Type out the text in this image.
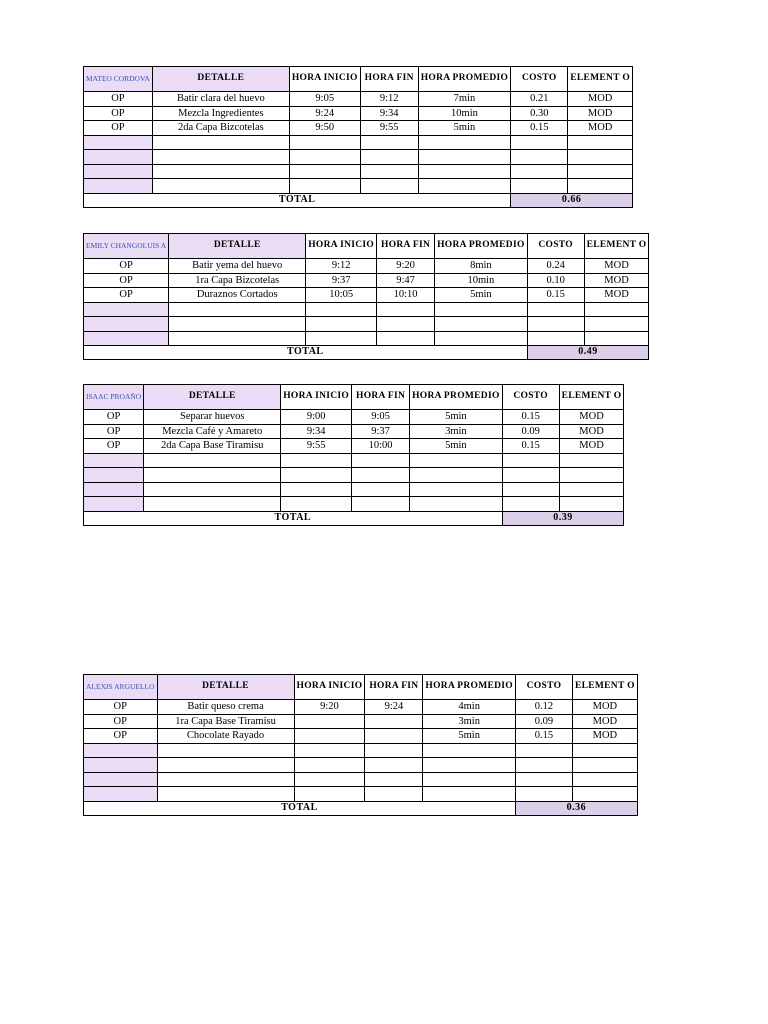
MATEO CORDOVA	DETALLE	HORA INICIO	HORA FIN	HORA PROMEDIO	COSTO	ELEMENT O
OP	Batir clara del huevo	9:05	9:12	7min	0.21	MOD
OP	Mezcla Ingredientes	9:24	9:34	10min	0.30	MOD
OP	2da Capa Bizcotelas	9:50	9:55	5min	0.15	MOD

TOTAL					0.66	
EMILY CHANGOLUIS A	DETALLE	HORA INICIO	HORA FIN	HORA PROMEDIO	COSTO	ELEMENT O
OP	Batir yema del huevo	9:12	9:20	8min	0.24	MOD
OP	1ra Capa Bizcotelas	9:37	9:47	10min	0.10	MOD
OP	Duraznos Cortados	10:05	10:10	5min	0.15	MOD

TOTAL					0.49	
ISAAC PROAÑO	DETALLE	HORA INICIO	HORA FIN	HORA PROMEDIO	COSTO	ELEMENT O
OP	Separar huevos	9:00	9:05	5min	0.15	MOD
OP	Mezcla Café y Amareto	9:34	9:37	3min	0.09	MOD
OP	2da Capa Base Tiramisu	9:55	10:00	5min	0.15	MOD

TOTAL					0.39	
ALEXIS ARGUELLO	DETALLE	HORA INICIO	HORA FIN	HORA PROMEDIO	COSTO	ELEMENT O
OP	Batir queso crema	9:20	9:24	4min	0.12	MOD
OP	1ra Capa Base Tiramisu			3min	0.09	MOD
OP	Chocolate Rayado			5min	0.15	MOD

TOTAL					0.36	
